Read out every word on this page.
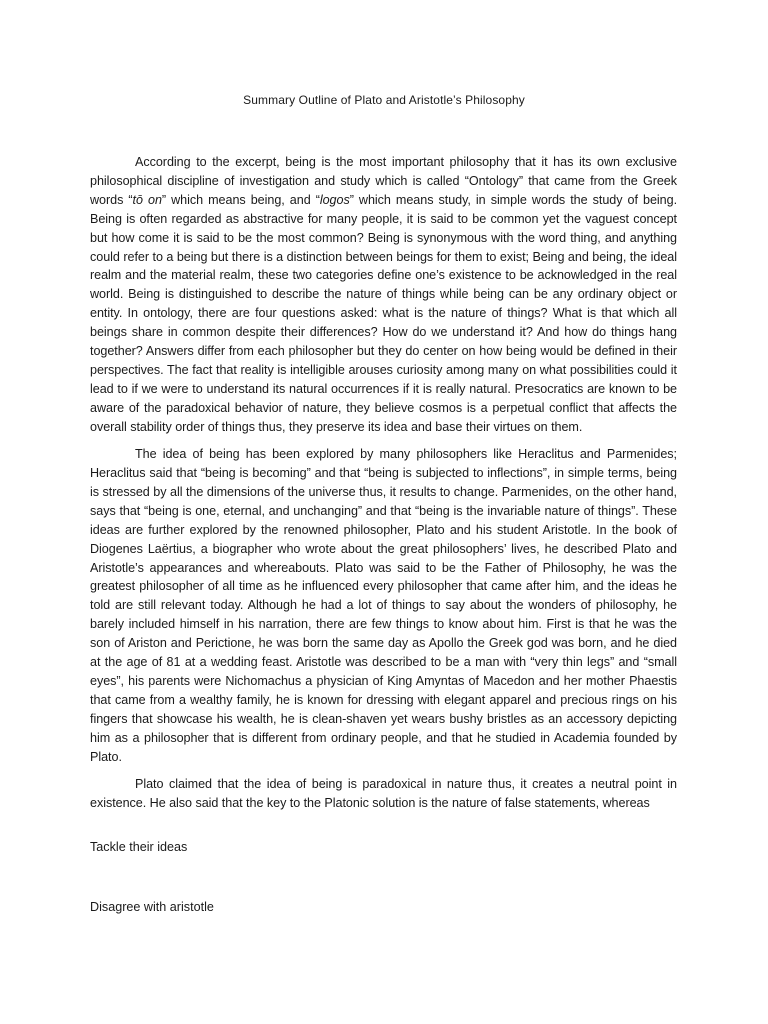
Summary Outline of Plato and Aristotle’s Philosophy

According to the excerpt, being is the most important philosophy that it has its own exclusive philosophical discipline of investigation and study which is called “Ontology” that came from the Greek words “tō on” which means being, and “logos” which means study, in simple words the study of being. Being is often regarded as abstractive for many people, it is said to be common yet the vaguest concept but how come it is said to be the most common? Being is synonymous with the word thing, and anything could refer to a being but there is a distinction between beings for them to exist; Being and being, the ideal realm and the material realm, these two categories define one’s existence to be acknowledged in the real world. Being is distinguished to describe the nature of things while being can be any ordinary object or entity. In ontology, there are four questions asked: what is the nature of things? What is that which all beings share in common despite their differences? How do we understand it? And how do things hang together? Answers differ from each philosopher but they do center on how being would be defined in their perspectives. The fact that reality is intelligible arouses curiosity among many on what possibilities could it lead to if we were to understand its natural occurrences if it is really natural. Presocratics are known to be aware of the paradoxical behavior of nature, they believe cosmos is a perpetual conflict that affects the overall stability order of things thus, they preserve its idea and base their virtues on them.

The idea of being has been explored by many philosophers like Heraclitus and Parmenides; Heraclitus said that “being is becoming” and that “being is subjected to inflections”, in simple terms, being is stressed by all the dimensions of the universe thus, it results to change. Parmenides, on the other hand, says that “being is one, eternal, and unchanging” and that “being is the invariable nature of things”. These ideas are further explored by the renowned philosopher, Plato and his student Aristotle. In the book of Diogenes Laërtius, a biographer who wrote about the great philosophers’ lives, he described Plato and Aristotle’s appearances and whereabouts. Plato was said to be the Father of Philosophy, he was the greatest philosopher of all time as he influenced every philosopher that came after him, and the ideas he told are still relevant today. Although he had a lot of things to say about the wonders of philosophy, he barely included himself in his narration, there are few things to know about him. First is that he was the son of Ariston and Perictione, he was born the same day as Apollo the Greek god was born, and he died at the age of 81 at a wedding feast. Aristotle was described to be a man with “very thin legs” and “small eyes”, his parents were Nichomachus a physician of King Amyntas of Macedon and her mother Phaestis that came from a wealthy family, he is known for dressing with elegant apparel and precious rings on his fingers that showcase his wealth, he is clean-shaven yet wears bushy bristles as an accessory depicting him as a philosopher that is different from ordinary people, and that he studied in Academia founded by Plato.

Plato claimed that the idea of being is paradoxical in nature thus, it creates a neutral point in existence. He also said that the key to the Platonic solution is the nature of false statements, whereas

Tackle their ideas
Disagree with aristotle
